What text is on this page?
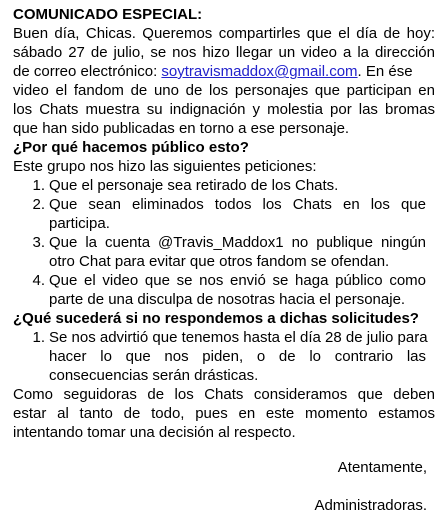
COMUNICADO ESPECIAL:
Buen día, Chicas. Queremos compartirles que el día de hoy:
sábado 27 de julio, se nos hizo llegar un video a la dirección
de correo electrónico: soytravismaddox@gmail.com. En ése
video el fandom de uno de los personajes que participan en
los Chats muestra su indignación y molestia por las bromas
que han sido publicadas en torno a ese personaje.
¿Por qué hacemos público esto?
Este grupo nos hizo las siguientes peticiones:
1. Que el personaje sea retirado de los Chats.
2. Que sean eliminados todos los Chats en los que
participa.
3. Que la cuenta @Travis_Maddox1 no publique ningún
otro Chat para evitar que otros fandom se ofendan.
4. Que el video que se nos envió se haga público como
parte de una disculpa de nosotras hacia el personaje.
¿Qué sucederá si no respondemos a dichas solicitudes?
1. Se nos advirtió que tenemos hasta el día 28 de julio para
hacer lo que nos piden, o de lo contrario las
consecuencias serán drásticas.
Como seguidoras de los Chats consideramos que deben
estar al tanto de todo, pues en este momento estamos
intentando tomar una decisión al respecto.
Atentamente,
Administradoras.
